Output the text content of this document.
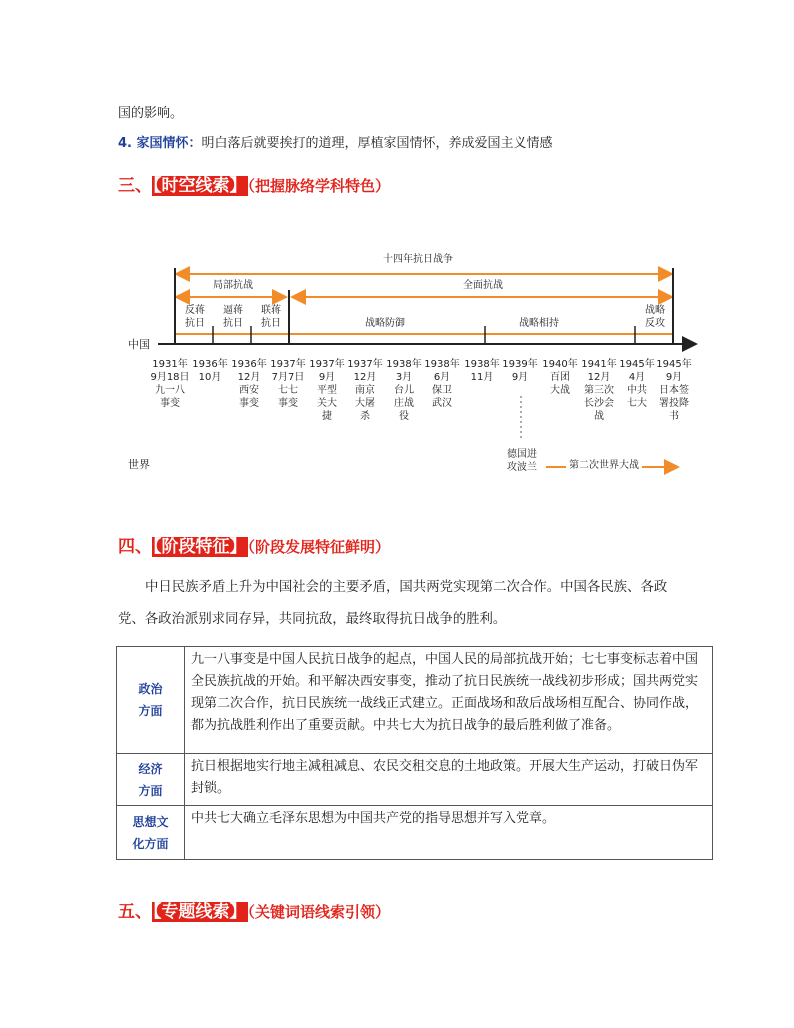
国的影响。
4. 家国情怀：明白落后就要挨打的道理，厚植家国情怀，养成爱国主义情感
三、【时空线索】（把握脉络学科特色）
十四年抗日战争
局部抗战	全面抗战
反蒋
抗日
逼蒋
抗日
联蒋
抗日	战略防御	战略相持
战略
反攻
中国
世界
1931年
9月18日
九一八
事变
1936年
10月
1936年
12月
西安
事变
1937年
7月7日
七七
事变
1937年
9月
平型
关大
捷
1937年
12月
南京
大屠
杀
1938年
3月
台儿
庄战
役
1938年
6月
保卫
武汉
1938年
11月
1939年
9月
1940年
百团
大战
1941年
12月
第三次
长沙会
战
1945年
4月
中共
七大
1945年
9月
日本签
署投降
书
德国进
攻波兰	第二次世界大战
四、【阶段特征】（阶段发展特征鲜明）
中日民族矛盾上升为中国社会的主要矛盾，国共两党实现第二次合作。中国各民族、各政
党、各政治派别求同存异，共同抗敌，最终取得抗日战争的胜利。
政治
方面	九一八事变是中国人民抗日战争的起点，中国人民的局部抗战开始；七七事变标志着中国全民族抗战的开始。和平解决西安事变，推动了抗日民族统一战线初步形成；国共两党实现第二次合作，抗日民族统一战线正式建立。正面战场和敌后战场相互配合、协同作战，都为抗战胜利作出了重要贡献。中共七大为抗日战争的最后胜利做了准备。
经济
方面	抗日根据地实行地主减租减息、农民交租交息的土地政策。开展大生产运动，打破日伪军封锁。
思想文
化方面	中共七大确立毛泽东思想为中国共产党的指导思想并写入党章。
五、【专题线索】（关键词语线索引领）
